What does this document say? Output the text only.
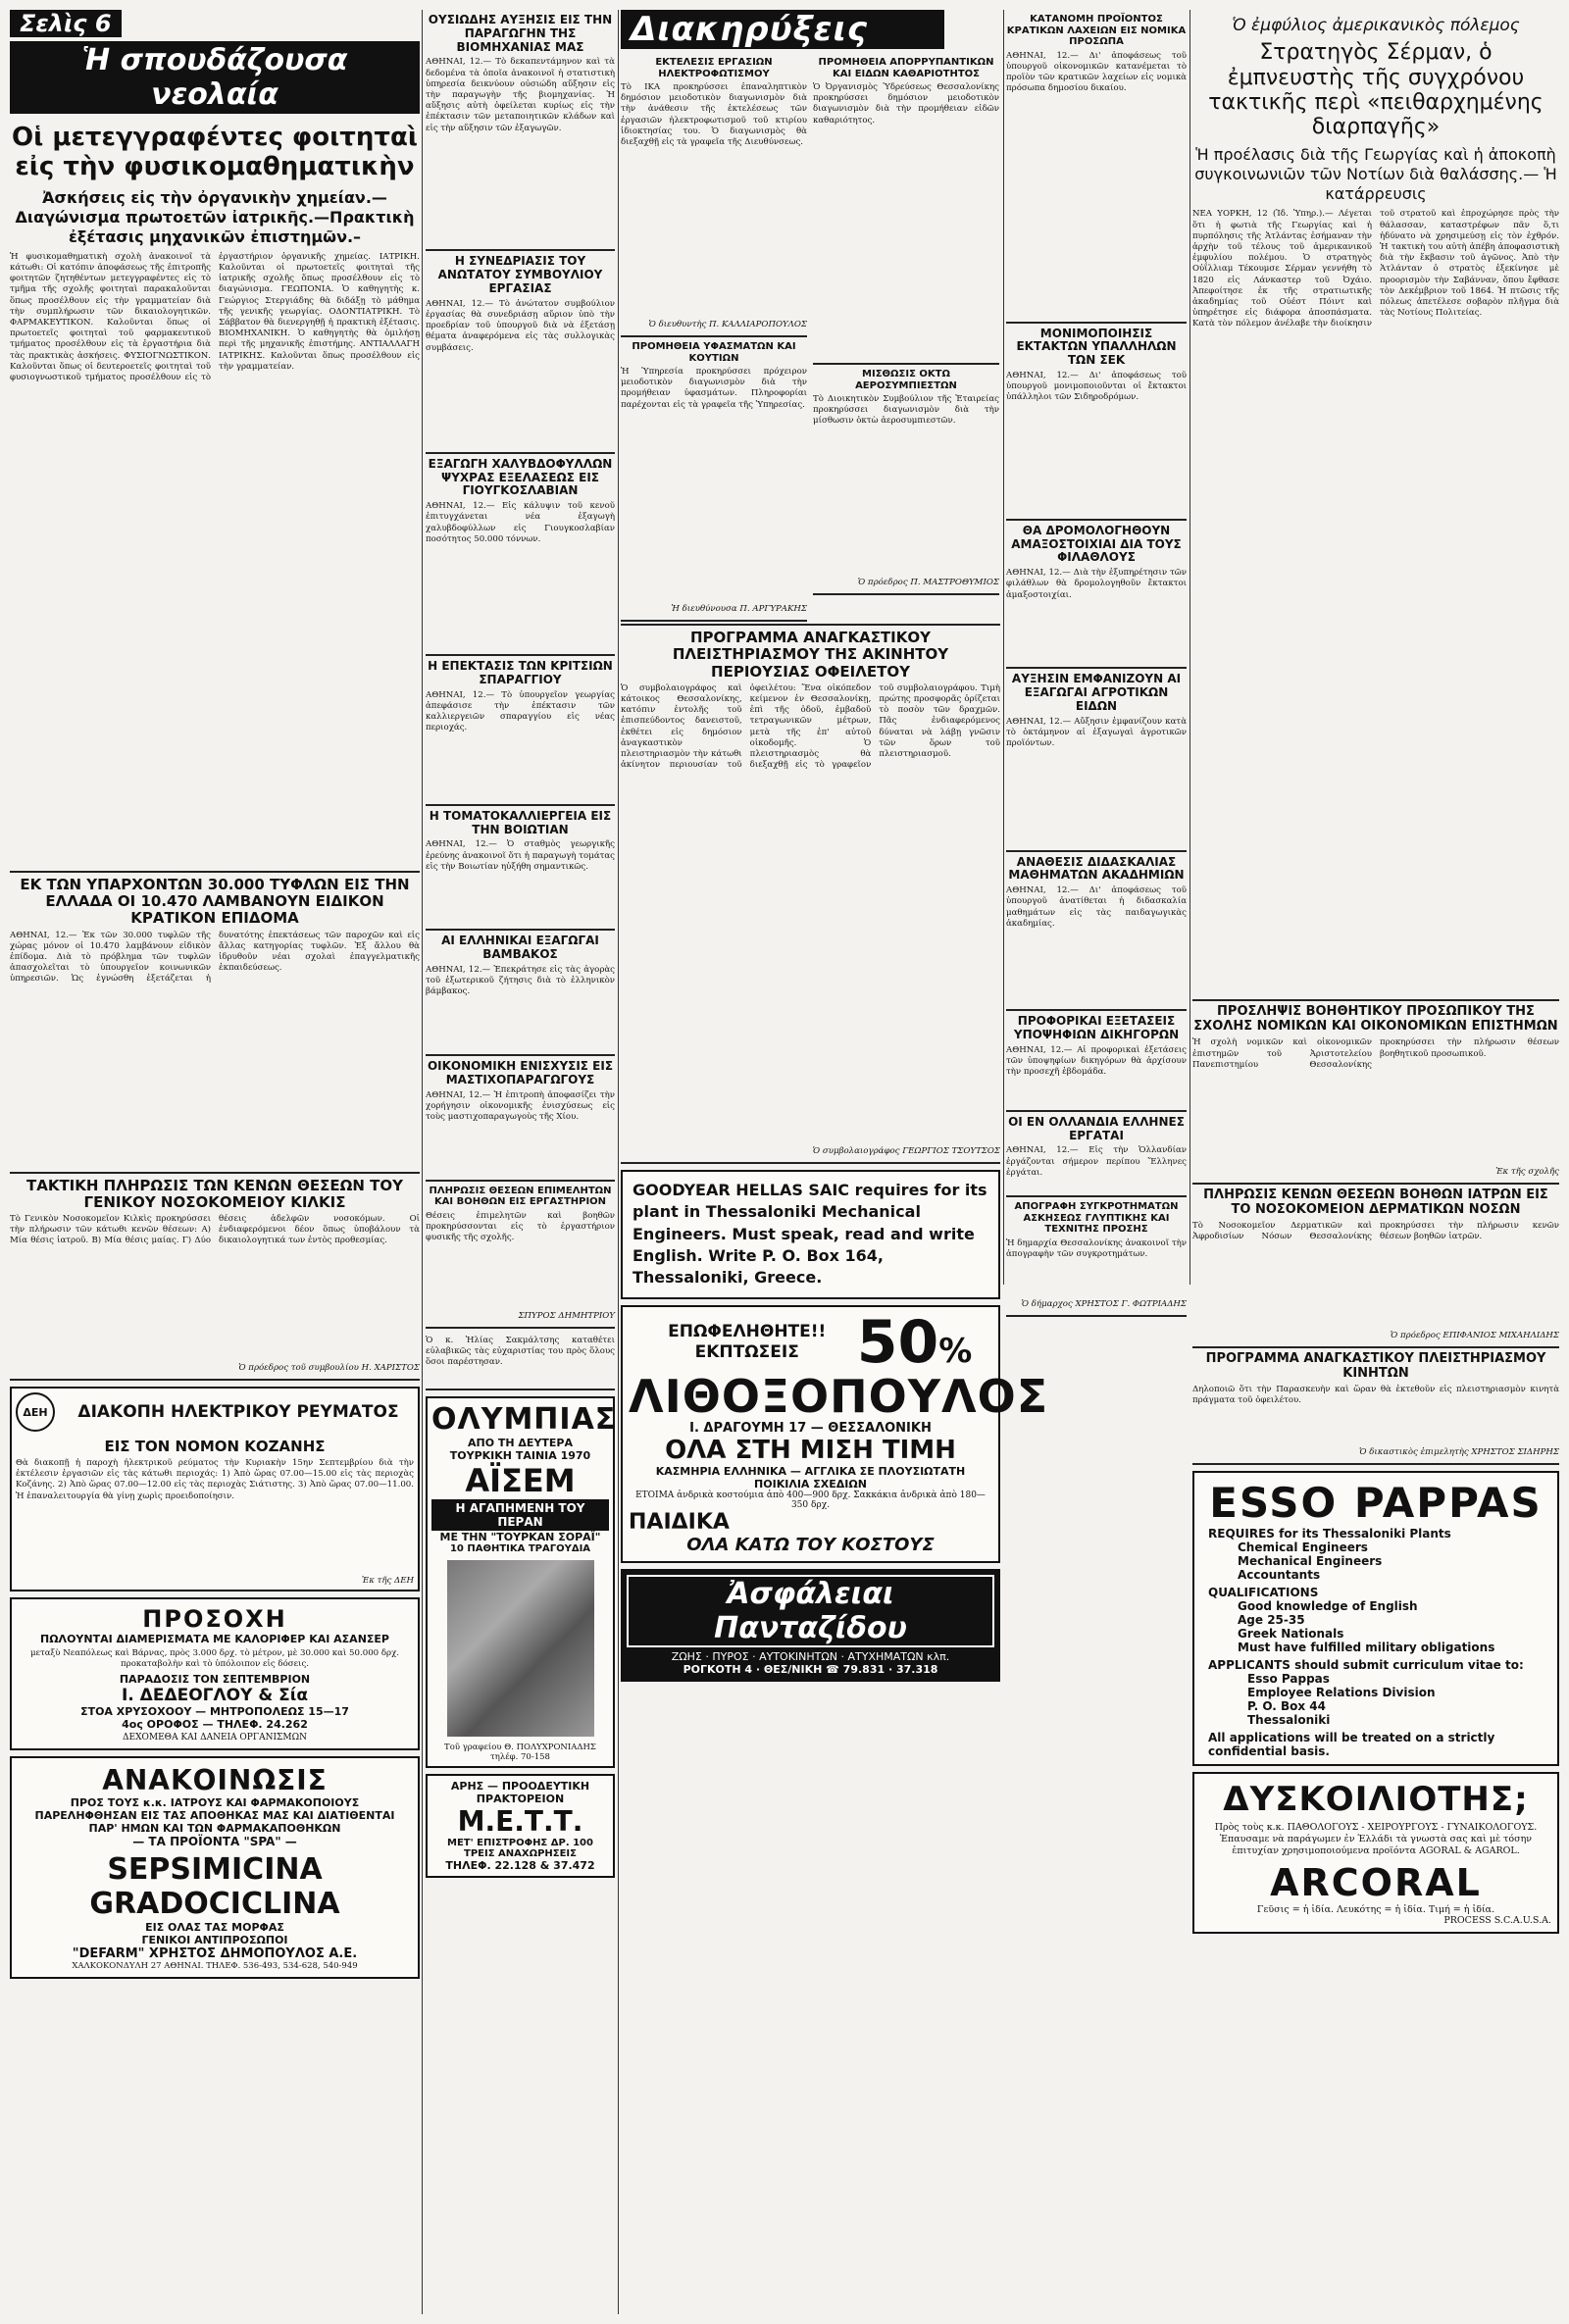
Σελὶς 6
Ἡ σπουδάζουσα νεολαία
Οἱ μετεγγραφέντες φοιτηταὶ εἰς τὴν φυσικομαθηματικὴν
Ἀσκήσεις εἰς τὴν ὀργανικὴν χημείαν.— Διαγώνισμα πρωτοετῶν ἰατρικῆς.—Πρακτικὴ ἐξέτασις μηχανικῶν ἐπιστημῶν.–
Ἡ φυσικομαθηματικὴ σχολὴ ἀνακοινοῖ τὰ κάτωθι: Οἱ κατόπιν ἀποφάσεως τῆς ἐπιτροπῆς φοιτητῶν ζητηθέντων μετεγγραφέντες εἰς τὸ τμῆμα τῆς σχολῆς φοιτηταὶ παρακαλοῦνται ὅπως προσέλθουν εἰς τὴν γραμματείαν διὰ τὴν συμπλήρωσιν τῶν δικαιολογητικῶν. ΦΑΡΜΑΚΕΥΤΙΚΟΝ. Καλοῦνται ὅπως οἱ πρωτοετεῖς φοιτηταὶ τοῦ φαρμακευτικοῦ τμήματος προσέλθουν εἰς τὰ ἐργαστήρια διὰ τὰς πρακτικὰς ἀσκήσεις. ΦΥΣΙΟΓΝΩΣΤΙΚΟΝ. Καλοῦνται ὅπως οἱ δευτεροετεῖς φοιτηταὶ τοῦ φυσιογνωστικοῦ τμήματος προσέλθουν εἰς τὸ ἐργαστήριον ὀργανικῆς χημείας. ΙΑΤΡΙΚΗ. Καλοῦνται οἱ πρωτοετεῖς φοιτηταὶ τῆς ἰατρικῆς σχολῆς ὅπως προσέλθουν εἰς τὸ διαγώνισμα. ΓΕΩΠΟΝΙΑ. Ὁ καθηγητὴς κ. Γεώργιος Στεργιάδης θὰ διδάξῃ τὸ μάθημα τῆς γενικῆς γεωργίας. ΟΔΟΝΤΙΑΤΡΙΚΗ. Τὸ Σάββατον θὰ διενεργηθῇ ἡ πρακτικὴ ἐξέτασις. ΒΙΟΜΗΧΑΝΙΚΗ. Ὁ καθηγητὴς θὰ ὁμιλήσῃ περὶ τῆς μηχανικῆς ἐπιστήμης. ΑΝΤΙΑΛΛΑΓΗ ΙΑΤΡΙΚΗΣ. Καλοῦνται ὅπως προσέλθουν εἰς τὴν γραμματείαν.
ΕΚ ΤΩΝ ΥΠΑΡΧΟΝΤΩΝ 30.000 ΤΥΦΛΩΝ ΕΙΣ ΤΗΝ ΕΛΛΑΔΑ ΟΙ 10.470 ΛΑΜΒΑΝΟΥΝ ΕΙΔΙΚΟΝ ΚΡΑΤΙΚΟΝ ΕΠΙΔΟΜΑ
ΑΘΗΝΑΙ, 12.— Ἐκ τῶν 30.000 τυφλῶν τῆς χώρας μόνον οἱ 10.470 λαμβάνουν εἰδικὸν ἐπίδομα. Διὰ τὸ πρόβλημα τῶν τυφλῶν ἀπασχολεῖται τὸ ὑπουργεῖον κοινωνικῶν ὑπηρεσιῶν. Ὡς ἐγνώσθη ἐξετάζεται ἡ δυνατότης ἐπεκτάσεως τῶν παροχῶν καὶ εἰς ἄλλας κατηγορίας τυφλῶν. Ἐξ ἄλλου θὰ ἱδρυθοῦν νέαι σχολαὶ ἐπαγγελματικῆς ἐκπαιδεύσεως.
ΤΑΚΤΙΚΗ ΠΛΗΡΩΣΙΣ ΤΩΝ ΚΕΝΩΝ ΘΕΣΕΩΝ ΤΟΥ ΓΕΝΙΚΟΥ ΝΟΣΟΚΟΜΕΙΟΥ ΚΙΛΚΙΣ
Τὸ Γενικὸν Νοσοκομεῖον Κιλκὶς προκηρύσσει τὴν πλήρωσιν τῶν κάτωθι κενῶν θέσεων: Α) Μία θέσις ἰατροῦ. Β) Μία θέσις μαίας. Γ) Δύο θέσεις ἀδελφῶν νοσοκόμων. Οἱ ἐνδιαφερόμενοι δέον ὅπως ὑποβάλουν τὰ δικαιολογητικά των ἐντὸς προθεσμίας.
Ὁ πρόεδρος τοῦ συμβουλίου Η. ΧΑΡΙΣΤΟΣ
ΔΕΗ	ΔΙΑΚΟΠΗ ΗΛΕΚΤΡΙΚΟΥ ΡΕΥΜΑΤΟΣ
ΕΙΣ ΤΟΝ ΝΟΜΟΝ ΚΟΖΑΝΗΣ
Θὰ διακοπῇ ἡ παροχὴ ἠλεκτρικοῦ ρεύματος τὴν Κυριακὴν 15ην Σεπτεμβρίου διὰ τὴν ἐκτέλεσιν ἐργασιῶν εἰς τὰς κάτωθι περιοχάς: 1) Ἀπὸ ὥρας 07.00—15.00 εἰς τὰς περιοχὰς Κοζάνης. 2) Ἀπὸ ὥρας 07.00—12.00 εἰς τὰς περιοχὰς Σιάτιστης. 3) Ἀπὸ ὥρας 07.00—11.00. Ἡ ἐπαναλειτουργία θὰ γίνῃ χωρὶς προειδοποίησιν.
Ἐκ τῆς ΔΕΗ
ΠΡΟΣΟΧΗ
ΠΩΛΟΥΝΤΑΙ ΔΙΑΜΕΡΙΣΜΑΤΑ ΜΕ ΚΑΛΟΡΙΦΕΡ ΚΑΙ ΑΣΑΝΣΕΡ
μεταξὺ Νεαπόλεως καὶ Βάρνας, πρὸς 3.000 δρχ. τὸ μέτρον, μὲ 30.000 καὶ 50.000 δρχ. προκαταβολὴν καὶ τὸ ὑπόλοιπον εἰς δόσεις.
ΠΑΡΑΔΟΣΙΣ ΤΟΝ ΣΕΠΤΕΜΒΡΙΟΝ
Ι. ΔΕΔΕΟΓΛΟΥ & Σία
ΣΤΟΑ ΧΡΥΣΟΧΟΟΥ — ΜΗΤΡΟΠΟΛΕΩΣ 15—17
4ος ΟΡΟΦΟΣ — ΤΗΛΕΦ. 24.262
ΔΕΧΟΜΕΘΑ ΚΑΙ ΔΑΝΕΙΑ ΟΡΓΑΝΙΣΜΩΝ
ΑΝΑΚΟΙΝΩΣΙΣ
ΠΡΟΣ ΤΟΥΣ κ.κ. ΙΑΤΡΟΥΣ ΚΑΙ ΦΑΡΜΑΚΟΠΟΙΟΥΣ
ΠΑΡΕΛΗΦΘΗΣΑΝ ΕΙΣ ΤΑΣ ΑΠΟΘΗΚΑΣ ΜΑΣ ΚΑΙ ΔΙΑΤΙΘΕΝΤΑΙ
ΠΑΡ' ΗΜΩΝ ΚΑΙ ΤΩΝ ΦΑΡΜΑΚΑΠΟΘΗΚΩΝ
— ΤΑ ΠΡΟΪΟΝΤΑ "SPA" —
SEPSIMICINA
GRADOCICLINA
ΕΙΣ ΟΛΑΣ ΤΑΣ ΜΟΡΦΑΣ
ΓΕΝΙΚΟΙ ΑΝΤΙΠΡΟΣΩΠΟΙ
"DEFARM" ΧΡΗΣΤΟΣ ΔΗΜΟΠΟΥΛΟΣ Α.Ε.
ΧΑΛΚΟΚΟΝΔΥΛΗ 27 ΑΘΗΝΑΙ. ΤΗΛΕΦ. 536-493, 534-628, 540-949
ΟΥΣΙΩΔΗΣ ΑΥΞΗΣΙΣ ΕΙΣ ΤΗΝ ΠΑΡΑΓΩΓΗΝ ΤΗΣ ΒΙΟΜΗΧΑΝΙΑΣ ΜΑΣ
ΑΘΗΝΑΙ, 12.— Τὸ δεκαπεντάμηνον καὶ τὰ δεδομένα τὰ ὁποῖα ἀνακοινοῖ ἡ στατιστικὴ ὑπηρεσία δεικνύουν οὐσιώδη αὔξησιν εἰς τὴν παραγωγὴν τῆς βιομηχανίας. Ἡ αὔξησις αὐτὴ ὀφείλεται κυρίως εἰς τὴν ἐπέκτασιν τῶν μεταποιητικῶν κλάδων καὶ εἰς τὴν αὔξησιν τῶν ἐξαγωγῶν.
Η ΣΥΝΕΔΡΙΑΣΙΣ ΤΟΥ ΑΝΩΤΑΤΟΥ ΣΥΜΒΟΥΛΙΟΥ ΕΡΓΑΣΙΑΣ
ΑΘΗΝΑΙ, 12.— Τὸ ἀνώτατον συμβούλιον ἐργασίας θὰ συνεδριάσῃ αὔριον ὑπὸ τὴν προεδρίαν τοῦ ὑπουργοῦ διὰ νὰ ἐξετάσῃ θέματα ἀναφερόμενα εἰς τὰς συλλογικὰς συμβάσεις.
ΕΞΑΓΩΓΗ ΧΑΛΥΒΔΟΦΥΛΛΩΝ ΨΥΧΡΑΣ ΕΞΕΛΑΣΕΩΣ ΕΙΣ ΓΙΟΥΓΚΟΣΛΑΒΙΑΝ
ΑΘΗΝΑΙ, 12.— Εἰς κάλυψιν τοῦ κενοῦ ἐπιτυγχάνεται νέα ἐξαγωγὴ χαλυβδοφύλλων εἰς Γιουγκοσλαβίαν ποσότητος 50.000 τόννων.
Η ΕΠΕΚΤΑΣΙΣ ΤΩΝ ΚΡΙΤΣΙΩΝ ΣΠΑΡΑΓΓΙΟΥ
ΑΘΗΝΑΙ, 12.— Τὸ ὑπουργεῖον γεωργίας ἀπεφάσισε τὴν ἐπέκτασιν τῶν καλλιεργειῶν σπαραγγίου εἰς νέας περιοχάς.
Η ΤΟΜΑΤΟΚΑΛΛΙΕΡΓΕΙΑ ΕΙΣ ΤΗΝ ΒΟΙΩΤΙΑΝ
ΑΘΗΝΑΙ, 12.— Ὁ σταθμὸς γεωργικῆς ἐρεύνης ἀνακοινοῖ ὅτι ἡ παραγωγὴ τομάτας εἰς τὴν Βοιωτίαν ηὐξήθη σημαντικῶς.
ΑΙ ΕΛΛΗΝΙΚΑΙ ΕΞΑΓΩΓΑΙ ΒΑΜΒΑΚΟΣ
ΑΘΗΝΑΙ, 12.— Ἐπεκράτησε εἰς τὰς ἀγορὰς τοῦ ἐξωτερικοῦ ζήτησις διὰ τὸ ἑλληνικὸν βάμβακος.
ΟΙΚΟΝΟΜΙΚΗ ΕΝΙΣΧΥΣΙΣ ΕΙΣ ΜΑΣΤΙΧΟΠΑΡΑΓΩΓΟΥΣ
ΑΘΗΝΑΙ, 12.— Ἡ ἐπιτροπὴ ἀποφασίζει τὴν χορήγησιν οἰκονομικῆς ἐνισχύσεως εἰς τοὺς μαστιχοπαραγωγοὺς τῆς Χίου.
ΠΛΗΡΩΣΙΣ ΘΕΣΕΩΝ ΕΠΙΜΕΛΗΤΩΝ ΚΑΙ ΒΟΗΘΩΝ ΕΙΣ ΕΡΓΑΣΤΗΡΙΟΝ
Θέσεις ἐπιμελητῶν καὶ βοηθῶν προκηρύσσονται εἰς τὸ ἐργαστήριον φυσικῆς τῆς σχολῆς.
ΣΠΥΡΟΣ ΔΗΜΗΤΡΙΟΥ
Ὁ κ. Ἠλίας Σακμάλτσης καταθέτει εὐλαβικῶς τὰς εὐχαριστίας του πρὸς ὅλους ὅσοι παρέστησαν.
ΟΛΥΜΠΙΑΣ
ΑΠΟ ΤΗ ΔΕΥΤΕΡΑ
ΤΟΥΡΚΙΚΗ ΤΑΙΝΙΑ 1970
ΑΪΣΕΜ
Η ΑΓΑΠΗΜΕΝΗ ΤΟΥ ΠΕΡΑΝ
ΜΕ ΤΗΝ "ΤΟΥΡΚΑΝ ΣΟΡΑΪ"
10 ΠΑΘΗΤΙΚΑ ΤΡΑΓΟΥΔΙΑ
Τοῦ γραφείου Θ. ΠΟΛΥΧΡΟΝΙΑΔΗΣ τηλέφ. 70-158
ΑΡΗΣ — ΠΡΟΟΔΕΥΤΙΚΗ
ΠΡΑΚΤΟΡΕΙΟΝ
Μ.Ε.Τ.Τ.
ΜΕΤ' ΕΠΙΣΤΡΟΦΗΣ ΔΡ. 100
ΤΡΕΙΣ ΑΝΑΧΩΡΗΣΕΙΣ
ΤΗΛΕΦ. 22.128 & 37.472
Διακηρύξεις
ΕΚΤΕΛΕΣΙΣ ΕΡΓΑΣΙΩΝ ΗΛΕΚΤΡΟΦΩΤΙΣΜΟΥ
Τὸ ΙΚΑ προκηρύσσει ἐπαναληπτικὸν δημόσιον μειοδοτικὸν διαγωνισμὸν διὰ τὴν ἀνάθεσιν τῆς ἐκτελέσεως τῶν ἐργασιῶν ἠλεκτροφωτισμοῦ τοῦ κτιρίου ἰδιοκτησίας του. Ὁ διαγωνισμὸς θὰ διεξαχθῇ εἰς τὰ γραφεῖα τῆς Διευθύνσεως.
Ὁ διευθυντὴς Π. ΚΑΛΛΙΑΡΟΠΟΥΛΟΣ
ΠΡΟΜΗΘΕΙΑ ΥΦΑΣΜΑΤΩΝ ΚΑΙ ΚΟΥΤΙΩΝ
Ἡ Ὑπηρεσία προκηρύσσει πρόχειρον μειοδοτικὸν διαγωνισμὸν διὰ τὴν προμήθειαν ὑφασμάτων. Πληροφορίαι παρέχονται εἰς τὰ γραφεῖα τῆς Ὑπηρεσίας.
Ἡ διευθύνουσα Π. ΑΡΓΥΡΑΚΗΣ
ΠΡΟΜΗΘΕΙΑ ΑΠΟΡΡΥΠΑΝΤΙΚΩΝ ΚΑΙ ΕΙΔΩΝ ΚΑΘΑΡΙΟΤΗΤΟΣ
Ὁ Ὀργανισμὸς Ὑδρεύσεως Θεσσαλονίκης προκηρύσσει δημόσιον μειοδοτικὸν διαγωνισμὸν διὰ τὴν προμήθειαν εἰδῶν καθαριότητος.
ΜΙΣΘΩΣΙΣ ΟΚΤΩ ΑΕΡΟΣΥΜΠΙΕΣΤΩΝ
Τὸ Διοικητικὸν Συμβούλιον τῆς Ἑταιρείας προκηρύσσει διαγωνισμὸν διὰ τὴν μίσθωσιν ὀκτὼ ἀεροσυμπιεστῶν.
Ὁ πρόεδρος Π. ΜΑΣΤΡΟΘΥΜΙΟΣ
ΠΡΟΓΡΑΜΜΑ ΑΝΑΓΚΑΣΤΙΚΟΥ ΠΛΕΙΣΤΗΡΙΑΣΜΟΥ ΤΗΣ ΑΚΙΝΗΤΟΥ ΠΕΡΙΟΥΣΙΑΣ ΟΦΕΙΛΕΤΟΥ
Ὁ συμβολαιογράφος καὶ κάτοικος Θεσσαλονίκης, κατόπιν ἐντολῆς τοῦ ἐπισπεύδοντος δανειστοῦ, ἐκθέτει εἰς δημόσιον ἀναγκαστικὸν πλειστηριασμὸν τὴν κάτωθι ἀκίνητον περιουσίαν τοῦ ὀφειλέτου: Ἕνα οἰκόπεδον κείμενον ἐν Θεσσαλονίκῃ, ἐπὶ τῆς ὁδοῦ, ἐμβαδοῦ τετραγωνικῶν μέτρων, μετὰ τῆς ἐπ' αὐτοῦ οἰκοδομῆς. Ὁ πλειστηριασμὸς θὰ διεξαχθῇ εἰς τὸ γραφεῖον τοῦ συμβολαιογράφου. Τιμὴ πρώτης προσφορᾶς ὁρίζεται τὸ ποσὸν τῶν δραχμῶν. Πᾶς ἐνδιαφερόμενος δύναται νὰ λάβῃ γνῶσιν τῶν ὅρων τοῦ πλειστηριασμοῦ.
Ὁ συμβολαιογράφος ΓΕΩΡΓΙΟΣ ΤΣΟΥΤΣΟΣ
GOODYEAR HELLAS SAIC requires for its plant in Thessaloniki Mechanical Engineers. Must speak, read and write English. Write P. O. Box 164, Thessaloniki, Greece.
ΕΠΩΦΕΛΗΘΗΤΕ!! ΕΚΠΤΩΣΕΙΣ 50%
ΛΙΘΟΞΟΠΟΥΛΟΣ
Ι. ΔΡΑΓΟΥΜΗ 17 — ΘΕΣΣΑΛΟΝΙΚΗ
ΟΛΑ ΣΤΗ ΜΙΣΗ ΤΙΜΗ
ΚΑΣΜΗΡΙΑ ΕΛΛΗΝΙΚΑ — ΑΓΓΛΙΚΑ ΣΕ ΠΛΟΥΣΙΩΤΑΤΗ ΠΟΙΚΙΛΙΑ ΣΧΕΔΙΩΝ
ΕΤΟΙΜΑ ἀνδρικὰ κοστούμια ἀπὸ 400—900 δρχ. Σακκάκια ἀνδρικὰ ἀπὸ 180—350 δρχ.
ΠΑΙΔΙΚΑ
ΟΛΑ ΚΑΤΩ ΤΟΥ ΚΟΣΤΟΥΣ
Ἀσφάλειαι Πανταζίδου
ΖΩΗΣ · ΠΥΡΟΣ · ΑΥΤΟΚΙΝΗΤΩΝ · ΑΤΥΧΗΜΑΤΩΝ κλπ.
ΡΟΓΚΟΤΗ 4 · ΘΕΣ/ΝΙΚΗ ☎ 79.831 · 37.318
ΚΑΤΑΝΟΜΗ ΠΡΟΪΟΝΤΟΣ ΚΡΑΤΙΚΩΝ ΛΑΧΕΙΩΝ ΕΙΣ ΝΟΜΙΚΑ ΠΡΟΣΩΠΑ
ΑΘΗΝΑΙ, 12.— Δι' ἀποφάσεως τοῦ ὑπουργοῦ οἰκονομικῶν κατανέμεται τὸ προϊὸν τῶν κρατικῶν λαχείων εἰς νομικὰ πρόσωπα δημοσίου δικαίου.
ΜΟΝΙΜΟΠΟΙΗΣΙΣ ΕΚΤΑΚΤΩΝ ΥΠΑΛΛΗΛΩΝ ΤΩΝ ΣΕΚ
ΑΘΗΝΑΙ, 12.— Δι' ἀποφάσεως τοῦ ὑπουργοῦ μονιμοποιοῦνται οἱ ἔκτακτοι ὑπάλληλοι τῶν Σιδηροδρόμων.
ΘΑ ΔΡΟΜΟΛΟΓΗΘΟΥΝ ΑΜΑΞΟΣΤΟΙΧΙΑΙ ΔΙΑ ΤΟΥΣ ΦΙΛΑΘΛΟΥΣ
ΑΘΗΝΑΙ, 12.— Διὰ τὴν ἐξυπηρέτησιν τῶν φιλάθλων θὰ δρομολογηθοῦν ἔκτακτοι ἀμαξοστοιχίαι.
ΑΥΞΗΣΙΝ ΕΜΦΑΝΙΖΟΥΝ ΑΙ ΕΞΑΓΩΓΑΙ ΑΓΡΟΤΙΚΩΝ ΕΙΔΩΝ
ΑΘΗΝΑΙ, 12.— Αὔξησιν ἐμφανίζουν κατὰ τὸ ὀκτάμηνον αἱ ἐξαγωγαὶ ἀγροτικῶν προϊόντων.
ΑΝΑΘΕΣΙΣ ΔΙΔΑΣΚΑΛΙΑΣ ΜΑΘΗΜΑΤΩΝ ΑΚΑΔΗΜΙΩΝ
ΑΘΗΝΑΙ, 12.— Δι' ἀποφάσεως τοῦ ὑπουργοῦ ἀνατίθεται ἡ διδασκαλία μαθημάτων εἰς τὰς παιδαγωγικὰς ἀκαδημίας.
ΠΡΟΦΟΡΙΚΑΙ ΕΞΕΤΑΣΕΙΣ ΥΠΟΨΗΦΙΩΝ ΔΙΚΗΓΟΡΩΝ
ΑΘΗΝΑΙ, 12.— Αἱ προφορικαὶ ἐξετάσεις τῶν ὑποψηφίων δικηγόρων θὰ ἀρχίσουν τὴν προσεχῆ ἑβδομάδα.
ΟΙ ΕΝ ΟΛΛΑΝΔΙΑ ΕΛΛΗΝΕΣ ΕΡΓΑΤΑΙ
ΑΘΗΝΑΙ, 12.— Εἰς τὴν Ὁλλανδίαν ἐργάζονται σήμερον περίπου Ἕλληνες ἐργάται.
ΑΠΟΓΡΑΦΗ ΣΥΓΚΡΟΤΗΜΑΤΩΝ ΑΣΚΗΣΕΩΣ ΓΛΥΠΤΙΚΗΣ ΚΑΙ ΤΕΧΝΙΤΗΣ ΠΡΟΣΗΣ
Ἡ δημαρχία Θεσσαλονίκης ἀνακοινοῖ τὴν ἀπογραφὴν τῶν συγκροτημάτων.
Ὁ δήμαρχος ΧΡΗΣΤΟΣ Γ. ΦΩΤΡΙΑΔΗΣ
Ὁ ἐμφύλιος ἀμερικανικὸς πόλεμος
Στρατηγὸς Σέρμαν, ὁ ἐμπνευστὴς τῆς συγχρόνου τακτικῆς περὶ «πειθαρχημένης διαρπαγῆς»
Ἡ προέλασις διὰ τῆς Γεωργίας καὶ ἡ ἀποκοπὴ συγκοινωνιῶν τῶν Νοτίων διὰ θαλάσσης.— Ἡ κατάρρευσις
ΝΕΑ ΥΟΡΚΗ, 12 (Ἰδ. Ὑπηρ.).— Λέγεται ὅτι ἡ φωτιὰ τῆς Γεωργίας καὶ ἡ πυρπόλησις τῆς Ἀτλάντας ἐσήμαναν τὴν ἀρχὴν τοῦ τέλους τοῦ ἀμερικανικοῦ ἐμφυλίου πολέμου. Ὁ στρατηγὸς Οὐΐλλιαμ Τέκουμσε Σέρμαν γεννήθη τὸ 1820 εἰς Λάνκαστερ τοῦ Ὀχάιο. Ἀπεφοίτησε ἐκ τῆς στρατιωτικῆς ἀκαδημίας τοῦ Οὐέστ Πόιντ καὶ ὑπηρέτησε εἰς διάφορα ἀποσπάσματα. Κατὰ τὸν πόλεμον ἀνέλαβε τὴν διοίκησιν τοῦ στρατοῦ καὶ ἐπροχώρησε πρὸς τὴν θάλασσαν, καταστρέφων πᾶν ὅ,τι ἠδύνατο νὰ χρησιμεύσῃ εἰς τὸν ἐχθρόν. Ἡ τακτικὴ του αὐτὴ ἀπέβη ἀποφασιστικὴ διὰ τὴν ἔκβασιν τοῦ ἀγῶνος. Ἀπὸ τὴν Ἀτλάνταν ὁ στρατὸς ἐξεκίνησε μὲ προορισμὸν τὴν Σαβάνναν, ὅπου ἔφθασε τὸν Δεκέμβριον τοῦ 1864. Ἡ πτῶσις τῆς πόλεως ἀπετέλεσε σοβαρὸν πλῆγμα διὰ τὰς Νοτίους Πολιτείας.
ΠΡΟΣΛΗΨΙΣ ΒΟΗΘΗΤΙΚΟΥ ΠΡΟΣΩΠΙΚΟΥ ΤΗΣ ΣΧΟΛΗΣ ΝΟΜΙΚΩΝ ΚΑΙ ΟΙΚΟΝΟΜΙΚΩΝ ΕΠΙΣΤΗΜΩΝ
Ἡ σχολὴ νομικῶν καὶ οἰκονομικῶν ἐπιστημῶν τοῦ Ἀριστοτελείου Πανεπιστημίου Θεσσαλονίκης προκηρύσσει τὴν πλήρωσιν θέσεων βοηθητικοῦ προσωπικοῦ.
Ἐκ τῆς σχολῆς
ΠΛΗΡΩΣΙΣ ΚΕΝΩΝ ΘΕΣΕΩΝ ΒΟΗΘΩΝ ΙΑΤΡΩΝ ΕΙΣ ΤΟ ΝΟΣΟΚΟΜΕΙΟΝ ΔΕΡΜΑΤΙΚΩΝ ΝΟΣΩΝ
Τὸ Νοσοκομεῖον Δερματικῶν καὶ Ἀφροδισίων Νόσων Θεσσαλονίκης προκηρύσσει τὴν πλήρωσιν κενῶν θέσεων βοηθῶν ἰατρῶν.
Ὁ πρόεδρος ΕΠΙΦΑΝΙΟΣ ΜΙΧΑΗΛΙΔΗΣ
ΠΡΟΓΡΑΜΜΑ ΑΝΑΓΚΑΣΤΙΚΟΥ ΠΛΕΙΣΤΗΡΙΑΣΜΟΥ ΚΙΝΗΤΩΝ
Δηλοποιῶ ὅτι τὴν Παρασκευὴν καὶ ὥραν θὰ ἐκτεθοῦν εἰς πλειστηριασμὸν κινητὰ πράγματα τοῦ ὀφειλέτου.
Ὁ δικαστικὸς ἐπιμελητὴς ΧΡΗΣΤΟΣ ΣΙΔΗΡΗΣ
ESSO PAPPAS
REQUIRES for its Thessaloniki Plants
Chemical Engineers
Mechanical Engineers
Accountants
QUALIFICATIONS
Good knowledge of English
Age 25-35
Greek Nationals
Must have fulfilled military obligations
APPLICANTS should submit curriculum vitae to:
Esso Pappas
Employee Relations Division
P. O. Box 44
Thessaloniki
All applications will be treated on a strictly confidential basis.
ΔΥΣΚΟΙΛΙΟΤΗΣ;
Πρὸς τοὺς κ.κ. ΠΑΘΟΛΟΓΟΥΣ - ΧΕΙΡΟΥΡΓΟΥΣ - ΓΥΝΑΙΚΟΛΟΓΟΥΣ. Ἐπαυσαμε νὰ παράγωμεν ἐν Ἑλλάδι τὰ γνωστὰ σας καὶ μὲ τόσην ἐπιτυχίαν χρησιμοποιούμενα προϊόντα AGORAL & AGAROL.
ARCORAL
Γεῦσις = ἡ ἰδία. Λευκότης = ἡ ἰδία. Τιμή = ἡ ἰδία.
PROCESS S.C.A.U.S.A.
